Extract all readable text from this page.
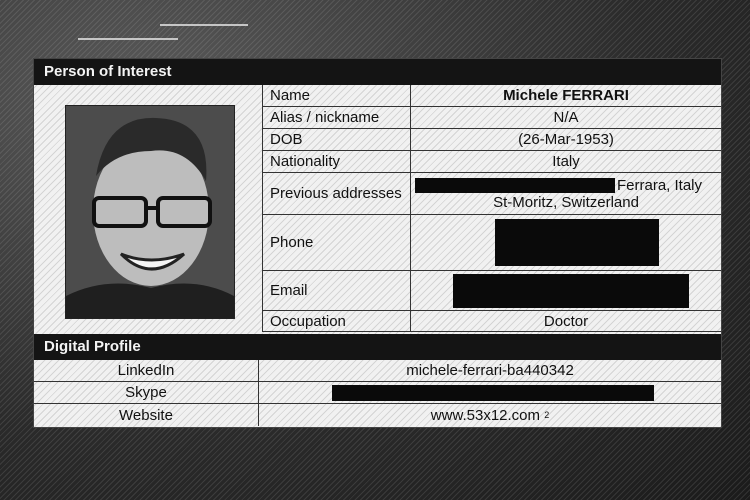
Person of Interest
Name	Michele FERRARI
Alias / nickname	N/A
DOB	(26-Mar-1953)
Nationality	Italy
Previous addresses	Ferrara, Italy
St-Moritz, Switzerland
Phone
Email
Occupation	Doctor
Digital Profile
LinkedIn	michele-ferrari-ba440342
Skype
Website	www.53x12.com
2
